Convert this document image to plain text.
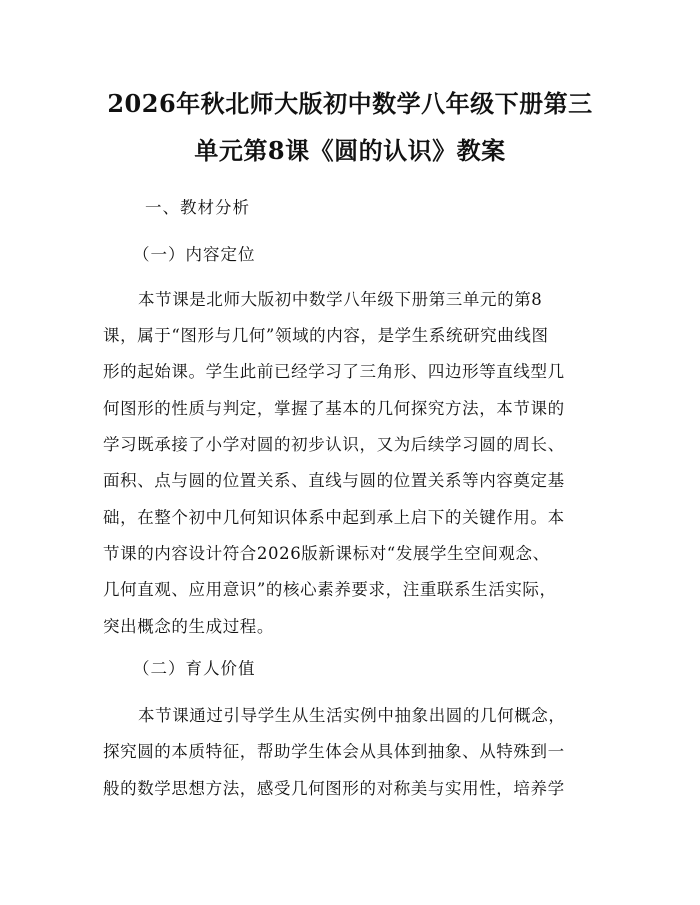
2026年秋北师大版初中数学八年级下册第三
单元第8课《圆的认识》教案

一、教材分析

（一）内容定位

本节课是北师大版初中数学八年级下册第三单元的第8
课，属于“图形与几何”领域的内容，是学生系统研究曲线图
形的起始课。学生此前已经学习了三角形、四边形等直线型几
何图形的性质与判定，掌握了基本的几何探究方法，本节课的
学习既承接了小学对圆的初步认识，又为后续学习圆的周长、
面积、点与圆的位置关系、直线与圆的位置关系等内容奠定基
础，在整个初中几何知识体系中起到承上启下的关键作用。本
节课的内容设计符合2026版新课标对“发展学生空间观念、
几何直观、应用意识”的核心素养要求，注重联系生活实际，
突出概念的生成过程。

（二）育人价值

本节课通过引导学生从生活实例中抽象出圆的几何概念，
探究圆的本质特征，帮助学生体会从具体到抽象、从特殊到一
般的数学思想方法，感受几何图形的对称美与实用性，培养学
